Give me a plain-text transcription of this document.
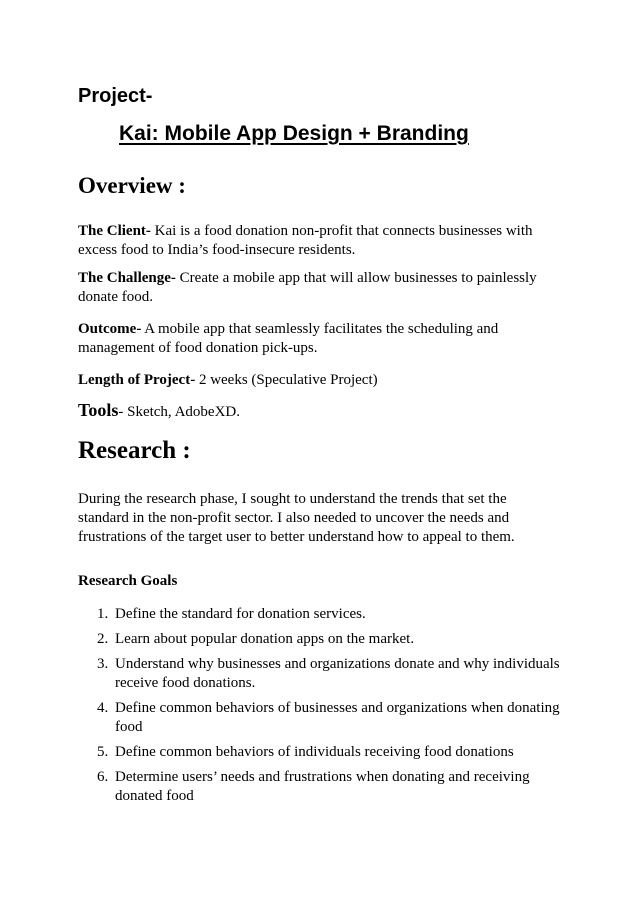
Project-
Kai: Mobile App Design + Branding
Overview :
The Client- Kai is a food donation non-profit that connects businesses with excess food to India’s food-insecure residents.
The Challenge- Create a mobile app that will allow businesses to painlessly donate food.
Outcome- A mobile app that seamlessly facilitates the scheduling and management of food donation pick-ups.
Length of Project- 2 weeks (Speculative Project)
Tools- Sketch, AdobeXD.
Research :
During the research phase, I sought to understand the trends that set the standard in the non-profit sector. I also needed to uncover the needs and frustrations of the target user to better understand how to appeal to them.
Research Goals
1. Define the standard for donation services.
2. Learn about popular donation apps on the market.
3. Understand why businesses and organizations donate and why individuals receive food donations.
4. Define common behaviors of businesses and organizations when donating food
5. Define common behaviors of individuals receiving food donations
6. Determine users’ needs and frustrations when donating and receiving donated food
